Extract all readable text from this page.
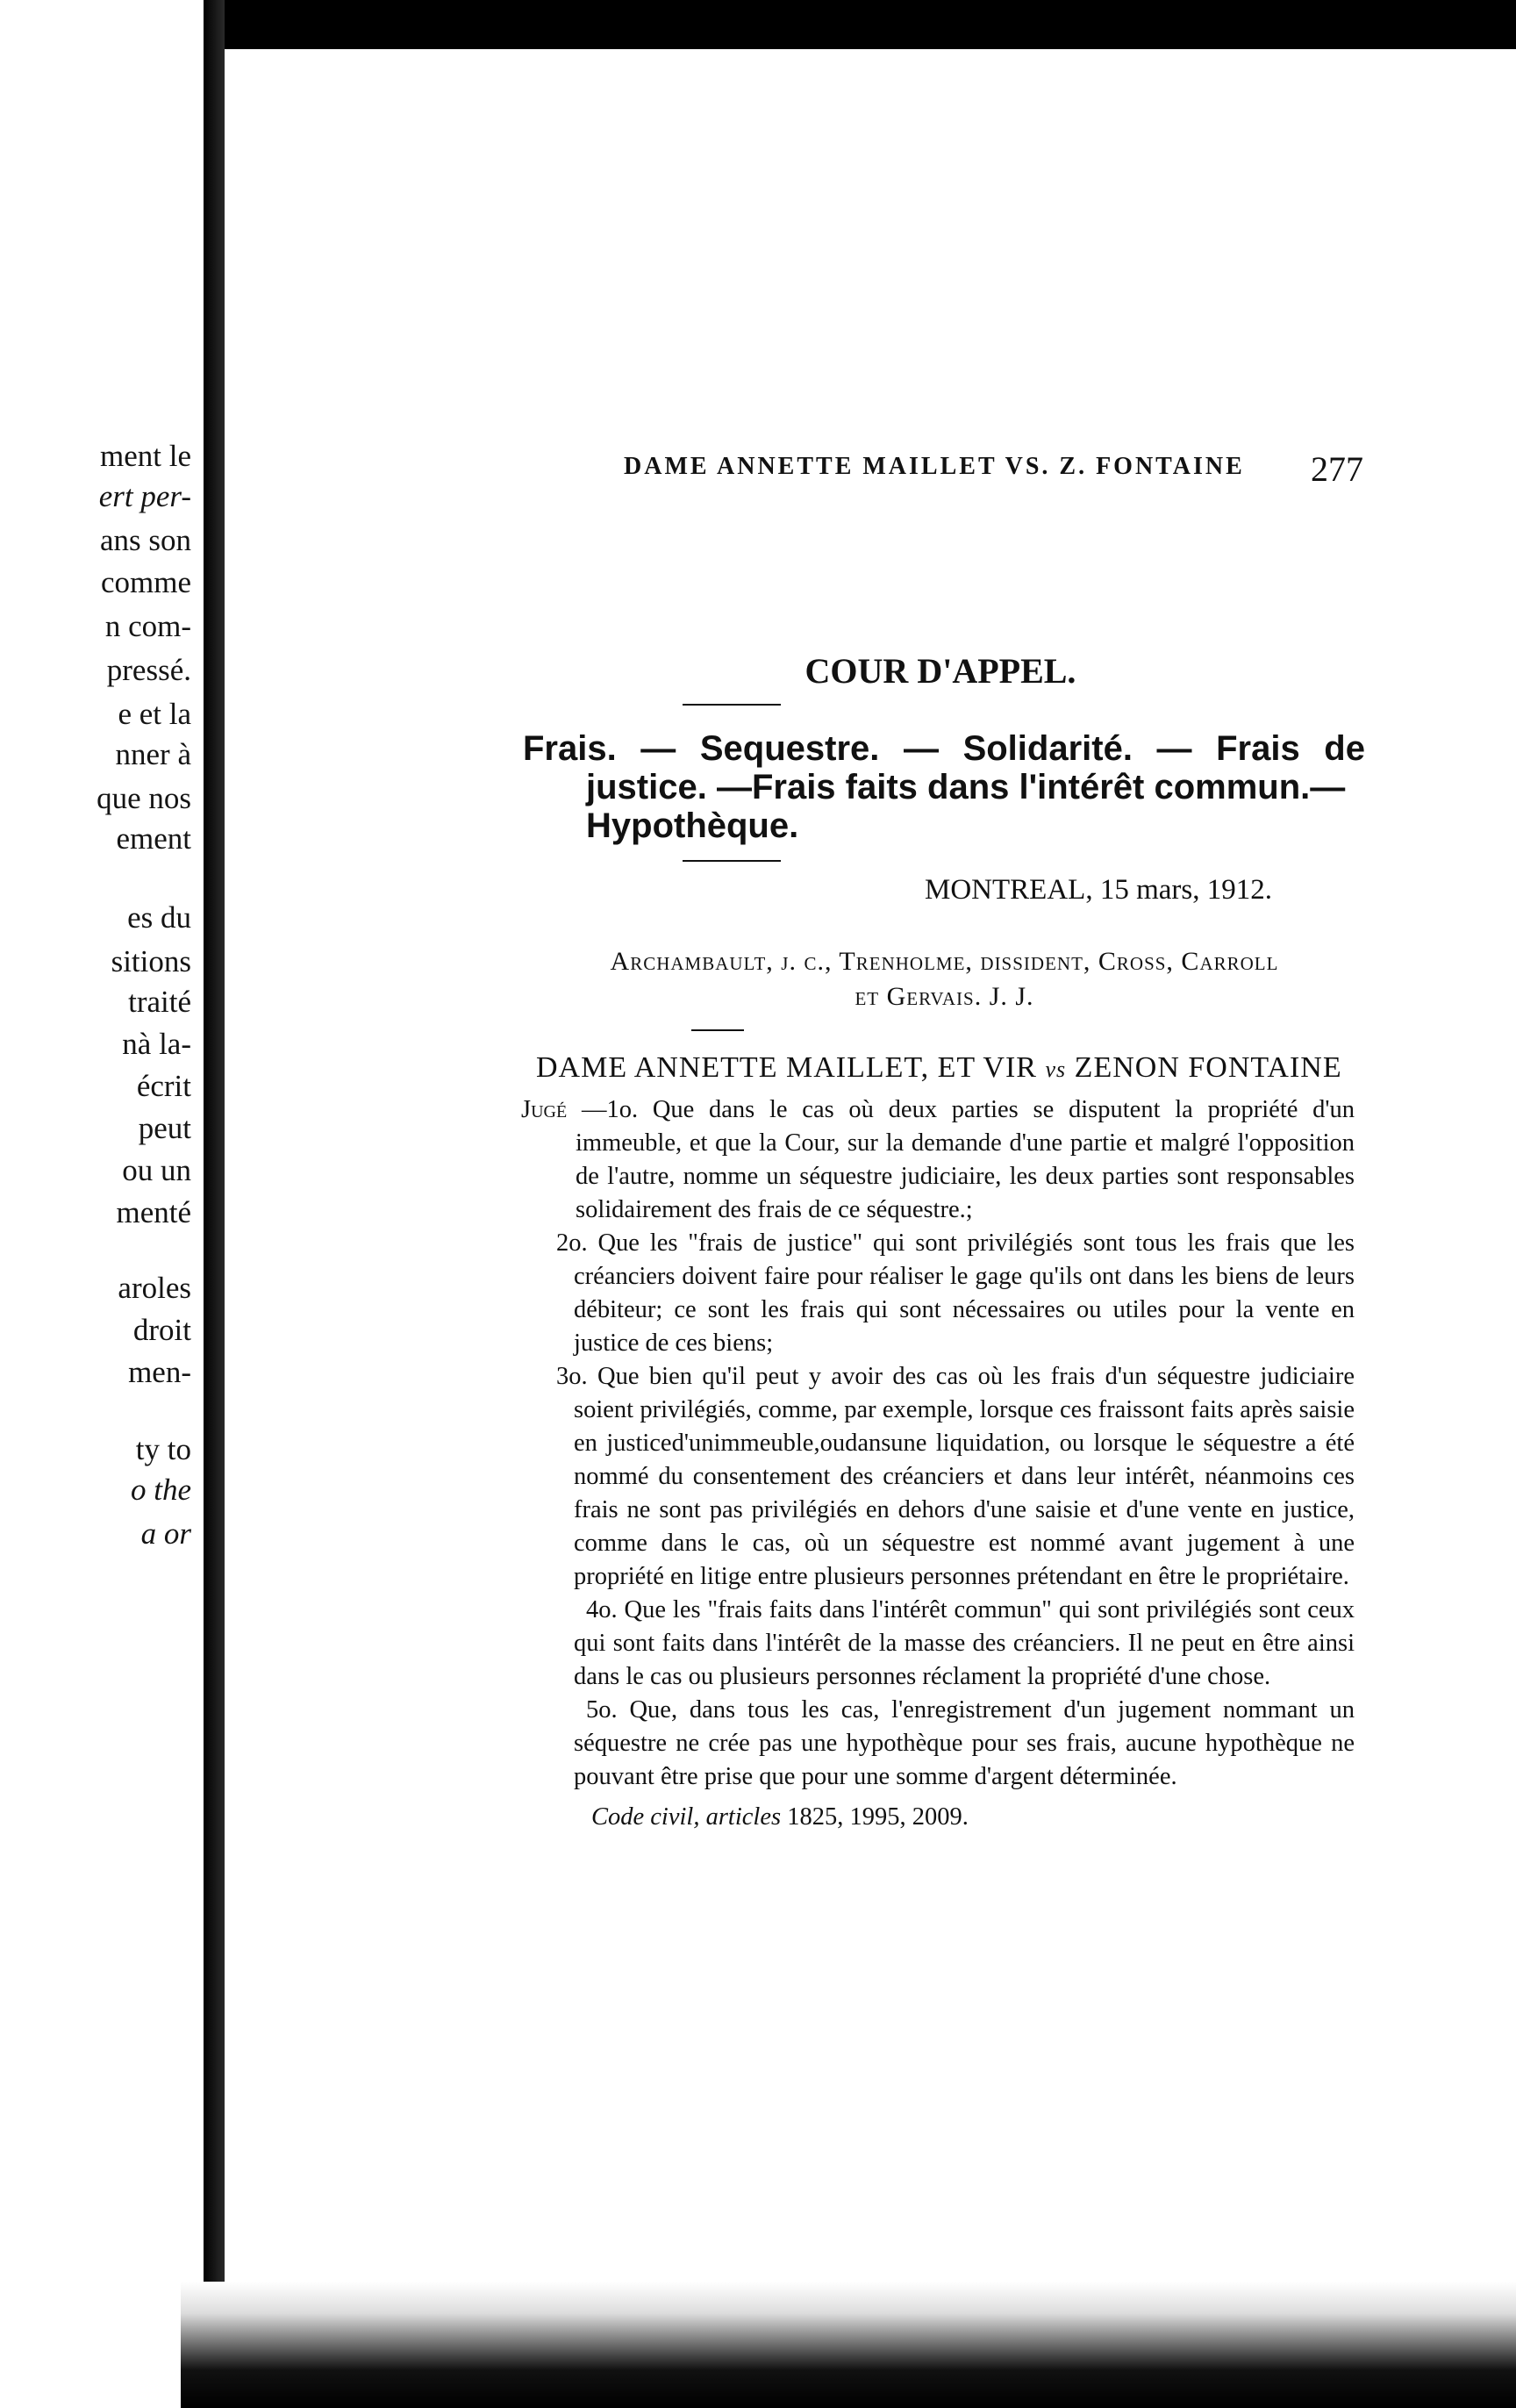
ment le
ert per-
ans son
comme
n com-
pressé.
e et la
nner à
que nos
ement
es du
sitions
traité
nà la-
écrit
peut
ou un
menté
aroles
droit
men-
ty to
o the
a or
DAME ANNETTE MAILLET VS. Z. FONTAINE 277
COUR D'APPEL.
Frais. — Sequestre. — Solidarité. — Frais de
justice. —Frais faits dans l'intérêt commun.—
Hypothèque.
MONTREAL, 15 mars, 1912.
Archambault, j. c., Trenholme, dissident, Cross, Carroll
et Gervais. J. J.
DAME ANNETTE MAILLET, ET VIR vs ZENON FONTAINE

Jugé —1o. Que dans le cas où deux parties se disputent la propriété d'un immeuble, et que la Cour, sur la demande d'une partie et malgré l'opposition de l'autre, nomme un séquestre judiciaire, les deux parties sont responsables solidairement des frais de ce séquestre.;

2o. Que les "frais de justice" qui sont privilégiés sont tous les frais que les créanciers doivent faire pour réaliser le gage qu'ils ont dans les biens de leurs débiteur; ce sont les frais qui sont nécessaires ou utiles pour la vente en justice de ces biens;

3o. Que bien qu'il peut y avoir des cas où les frais d'un séquestre judiciaire soient privilégiés, comme, par exemple, lorsque ces fraissont faits après saisie en justiced'unimmeuble,oudansune liquidation, ou lorsque le séquestre a été nommé du consentement des créanciers et dans leur intérêt, néanmoins ces frais ne sont pas privilégiés en dehors d'une saisie et d'une vente en justice, comme dans le cas, où un séquestre est nommé avant jugement à une propriété en litige entre plusieurs personnes prétendant en être le propriétaire.

4o. Que les "frais faits dans l'intérêt commun" qui sont privilégiés sont ceux qui sont faits dans l'intérêt de la masse des créanciers. Il ne peut en être ainsi dans le cas ou plusieurs personnes réclament la propriété d'une chose.

5o. Que, dans tous les cas, l'enregistrement d'un jugement nommant un séquestre ne crée pas une hypothèque pour ses frais, aucune hypothèque ne pouvant être prise que pour une somme d'argent déterminée.

Code civil, articles 1825, 1995, 2009.
